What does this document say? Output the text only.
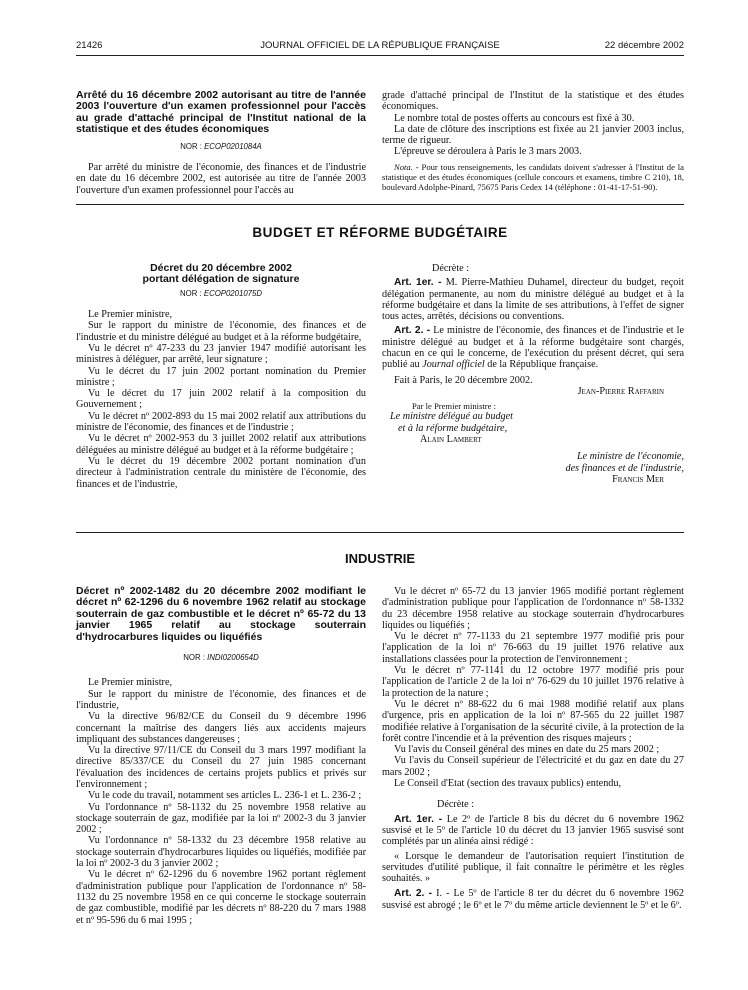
21426	JOURNAL OFFICIEL DE LA RÉPUBLIQUE FRANÇAISE	22 décembre 2002
Arrêté du 16 décembre 2002 autorisant au titre de l'année 2003 l'ouverture d'un examen professionnel pour l'accès au grade d'attaché principal de l'Institut national de la statistique et des études économiques
NOR : ECOP0201084A

Par arrêté du ministre de l'économie, des finances et de l'industrie en date du 16 décembre 2002, est autorisée au titre de l'année 2003 l'ouverture d'un examen professionnel pour l'accès au

grade d'attaché principal de l'Institut de la statistique et des études économiques.

Le nombre total de postes offerts au concours est fixé à 30.

La date de clôture des inscriptions est fixée au 21 janvier 2003 inclus, terme de rigueur.

L'épreuve se déroulera à Paris le 3 mars 2003.

Nota. - Pour tous renseignements, les candidats doivent s'adresser à l'Institut de la statistique et des études économiques (cellule concours et examens, timbre C 210), 18, boulevard Adolphe-Pinard, 75675 Paris Cedex 14 (téléphone : 01-41-17-51-90).

BUDGET ET RÉFORME BUDGÉTAIRE
Décret du 20 décembre 2002
portant délégation de signature
NOR : ECOP0201075D

Le Premier ministre,

Sur le rapport du ministre de l'économie, des finances et de l'industrie et du ministre délégué au budget et à la réforme budgétaire,

Vu le décret nº 47-233 du 23 janvier 1947 modifié autorisant les ministres à déléguer, par arrêté, leur signature ;

Vu le décret du 17 juin 2002 portant nomination du Premier ministre ;

Vu le décret du 17 juin 2002 relatif à la composition du Gouvernement ;

Vu le décret nº 2002-893 du 15 mai 2002 relatif aux attributions du ministre de l'économie, des finances et de l'industrie ;

Vu le décret nº 2002-953 du 3 juillet 2002 relatif aux attributions déléguées au ministre délégué au budget et à la réforme budgétaire ;

Vu le décret du 19 décembre 2002 portant nomination d'un directeur à l'administration centrale du ministère de l'économie, des finances et de l'industrie,

Décrète :

Art. 1er. - M. Pierre-Mathieu Duhamel, directeur du budget, reçoit délégation permanente, au nom du ministre délégué au budget et à la réforme budgétaire et dans la limite de ses attributions, à l'effet de signer tous actes, arrêtés, décisions ou conventions.

Art. 2. - Le ministre de l'économie, des finances et de l'industrie et le ministre délégué au budget et à la réforme budgétaire sont chargés, chacun en ce qui le concerne, de l'exécution du présent décret, qui sera publié au Journal officiel de la République française.

Fait à Paris, le 20 décembre 2002.

Jean-Pierre Raffarin

Par le Premier ministre :

Le ministre délégué au budget
et à la réforme budgétaire,
Alain Lambert
Le ministre de l'économie,
des finances et de l'industrie,
Francis Mer
INDUSTRIE
Décret nº 2002-1482 du 20 décembre 2002 modifiant le décret nº 62-1296 du 6 novembre 1962 relatif au stockage souterrain de gaz combustible et le décret nº 65-72 du 13 janvier 1965 relatif au stockage souterrain d'hydrocarbures liquides ou liquéfiés
NOR : INDI0200654D

Le Premier ministre,

Sur le rapport du ministre de l'économie, des finances et de l'industrie,

Vu la directive 96/82/CE du Conseil du 9 décembre 1996 concernant la maîtrise des dangers liés aux accidents majeurs impliquant des substances dangereuses ;

Vu la directive 97/11/CE du Conseil du 3 mars 1997 modifiant la directive 85/337/CE du Conseil du 27 juin 1985 concernant l'évaluation des incidences de certains projets publics et privés sur l'environnement ;

Vu le code du travail, notamment ses articles L. 236-1 et L. 236-2 ;

Vu l'ordonnance nº 58-1132 du 25 novembre 1958 relative au stockage souterrain de gaz, modifiée par la loi nº 2002-3 du 3 janvier 2002 ;

Vu l'ordonnance nº 58-1332 du 23 décembre 1958 relative au stockage souterrain d'hydrocarbures liquides ou liquéfiés, modifiée par la loi nº 2002-3 du 3 janvier 2002 ;

Vu le décret nº 62-1296 du 6 novembre 1962 portant règlement d'administration publique pour l'application de l'ordonnance nº 58-1132 du 25 novembre 1958 en ce qui concerne le stockage souterrain de gaz combustible, modifié par les décrets nº 88-220 du 7 mars 1988 et nº 95-596 du 6 mai 1995 ;

Vu le décret nº 65-72 du 13 janvier 1965 modifié portant règlement d'administration publique pour l'application de l'ordonnance nº 58-1332 du 23 décembre 1958 relative au stockage souterrain d'hydrocarbures liquides ou liquéfiés ;

Vu le décret nº 77-1133 du 21 septembre 1977 modifié pris pour l'application de la loi nº 76-663 du 19 juillet 1976 relative aux installations classées pour la protection de l'environnement ;

Vu le décret nº 77-1141 du 12 octobre 1977 modifié pris pour l'application de l'article 2 de la loi nº 76-629 du 10 juillet 1976 relative à la protection de la nature ;

Vu le décret nº 88-622 du 6 mai 1988 modifié relatif aux plans d'urgence, pris en application de la loi nº 87-565 du 22 juillet 1987 modifiée relative à l'organisation de la sécurité civile, à la protection de la forêt contre l'incendie et à la prévention des risques majeurs ;

Vu l'avis du Conseil général des mines en date du 25 mars 2002 ;

Vu l'avis du Conseil supérieur de l'électricité et du gaz en date du 27 mars 2002 ;

Le Conseil d'Etat (section des travaux publics) entendu,

Décrète :

Art. 1er. - Le 2º de l'article 8 bis du décret du 6 novembre 1962 susvisé et le 5º de l'article 10 du décret du 13 janvier 1965 susvisé sont complétés par un alinéa ainsi rédigé :

« Lorsque le demandeur de l'autorisation requiert l'institution de servitudes d'utilité publique, il fait connaître le périmètre et les règles souhaités. »

Art. 2. - I. - Le 5º de l'article 8 ter du décret du 6 novembre 1962 susvisé est abrogé ; le 6º et le 7º du même article deviennent le 5º et le 6º.
